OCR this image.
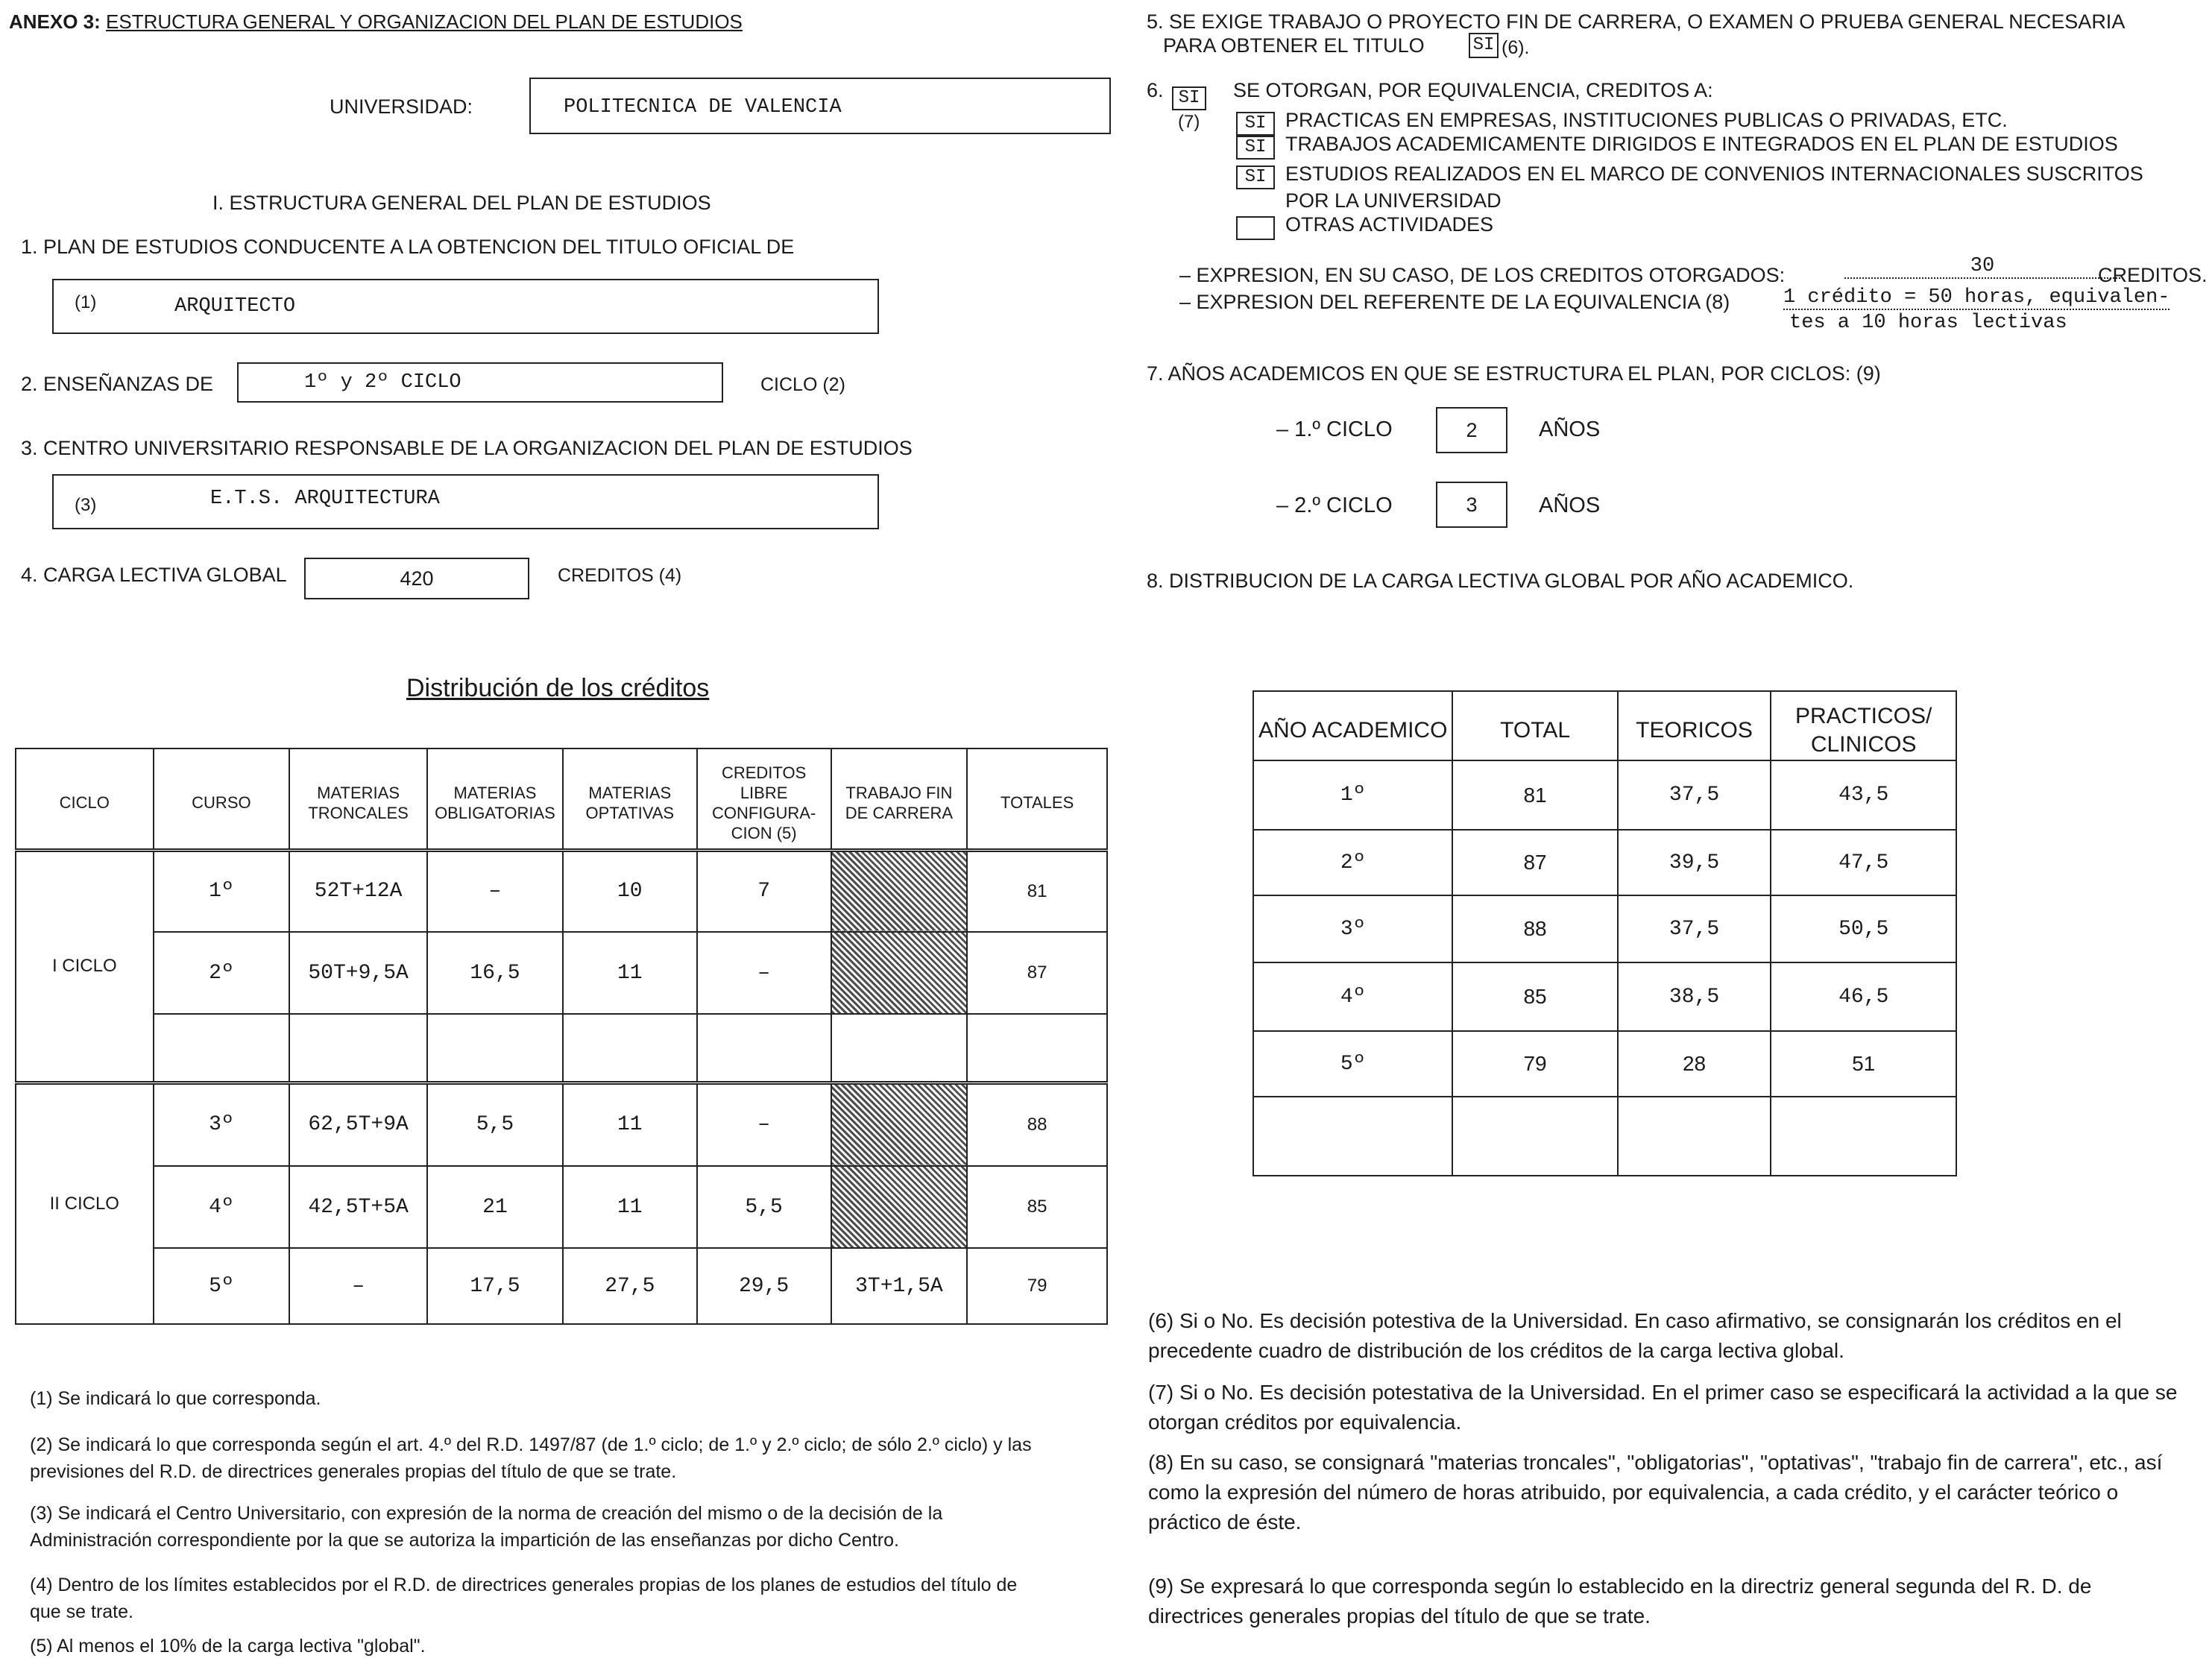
ANEXO 3: ESTRUCTURA GENERAL Y ORGANIZACION DEL PLAN DE ESTUDIOS
UNIVERSIDAD:	POLITECNICA DE VALENCIA
I. ESTRUCTURA GENERAL DEL PLAN DE ESTUDIOS
1. PLAN DE ESTUDIOS CONDUCENTE A LA OBTENCION DEL TITULO OFICIAL DE
(1)	ARQUITECTO
2. ENSEÑANZAS DE	1º y 2º CICLO	CICLO (2)
3. CENTRO UNIVERSITARIO RESPONSABLE DE LA ORGANIZACION DEL PLAN DE ESTUDIOS
(3)	E.T.S. ARQUITECTURA
4. CARGA LECTIVA GLOBAL	420	CREDITOS (4)
Distribución de los créditos
CICLO	CURSO	MATERIAS TRONCALES	MATERIAS OBLIGATORIAS	MATERIAS OPTATIVAS	CREDITOS LIBRE CONFIGURA- CION (5)	TRABAJO FIN DE CARRERA	TOTALES
I CICLO	1º	52T+12A	–	10	7		81
	2º	50T+9,5A	16,5	11	–		87

II CICLO	3º	62,5T+9A	5,5	11	–		88
	4º	42,5T+5A	21	11	5,5		85
	5º	–	17,5	27,5	29,5	3T+1,5A	79
(1) Se indicará lo que corresponda.
(2) Se indicará lo que corresponda según el art. 4.º del R.D. 1497/87 (de 1.º ciclo; de 1.º y 2.º ciclo; de sólo 2.º ciclo) y las previsiones del R.D. de directrices generales propias del título de que se trate.
(3) Se indicará el Centro Universitario, con expresión de la norma de creación del mismo o de la decisión de la Administración correspondiente por la que se autoriza la impartición de las enseñanzas por dicho Centro.
(4) Dentro de los límites establecidos por el R.D. de directrices generales propias de los planes de estudios del título de que se trate.
(5) Al menos el 10% de la carga lectiva "global".
5. SE EXIGE TRABAJO O PROYECTO FIN DE CARRERA, O EXAMEN O PRUEBA GENERAL NECESARIA
PARA OBTENER EL TITULO	SI (6).
6. SI
(7)
SE OTORGAN, POR EQUIVALENCIA, CREDITOS A:
SI PRACTICAS EN EMPRESAS, INSTITUCIONES PUBLICAS O PRIVADAS, ETC.
SI TRABAJOS ACADEMICAMENTE DIRIGIDOS E INTEGRADOS EN EL PLAN DE ESTUDIOS
SI ESTUDIOS REALIZADOS EN EL MARCO DE CONVENIOS INTERNACIONALES SUSCRITOS
POR LA UNIVERSIDAD
OTRAS ACTIVIDADES
– EXPRESION, EN SU CASO, DE LOS CREDITOS OTORGADOS:	30	CREDITOS.
– EXPRESION DEL REFERENTE DE LA EQUIVALENCIA (8)	1 crédito = 50 horas, equivalen-
tes a 10 horas lectivas
7. AÑOS ACADEMICOS EN QUE SE ESTRUCTURA EL PLAN, POR CICLOS: (9)
– 1.º CICLO	2	AÑOS
– 2.º CICLO	3	AÑOS
8. DISTRIBUCION DE LA CARGA LECTIVA GLOBAL POR AÑO ACADEMICO.
AÑO ACADEMICO	TOTAL	TEORICOS	PRACTICOS/ CLINICOS
1º	81	37,5	43,5
2º	87	39,5	47,5
3º	88	37,5	50,5
4º	85	38,5	46,5
5º	79	28	51

(6) Si o No. Es decisión potestiva de la Universidad. En caso afirmativo, se consignarán los créditos en el precedente cuadro de distribución de los créditos de la carga lectiva global.
(7) Si o No. Es decisión potestativa de la Universidad. En el primer caso se especificará la actividad a la que se otorgan créditos por equivalencia.
(8) En su caso, se consignará "materias troncales", "obligatorias", "optativas", "trabajo fin de carrera", etc., así como la expresión del número de horas atribuido, por equivalencia, a cada crédito, y el carácter teórico o práctico de éste.
(9) Se expresará lo que corresponda según lo establecido en la directriz general segunda del R. D. de directrices generales propias del título de que se trate.
